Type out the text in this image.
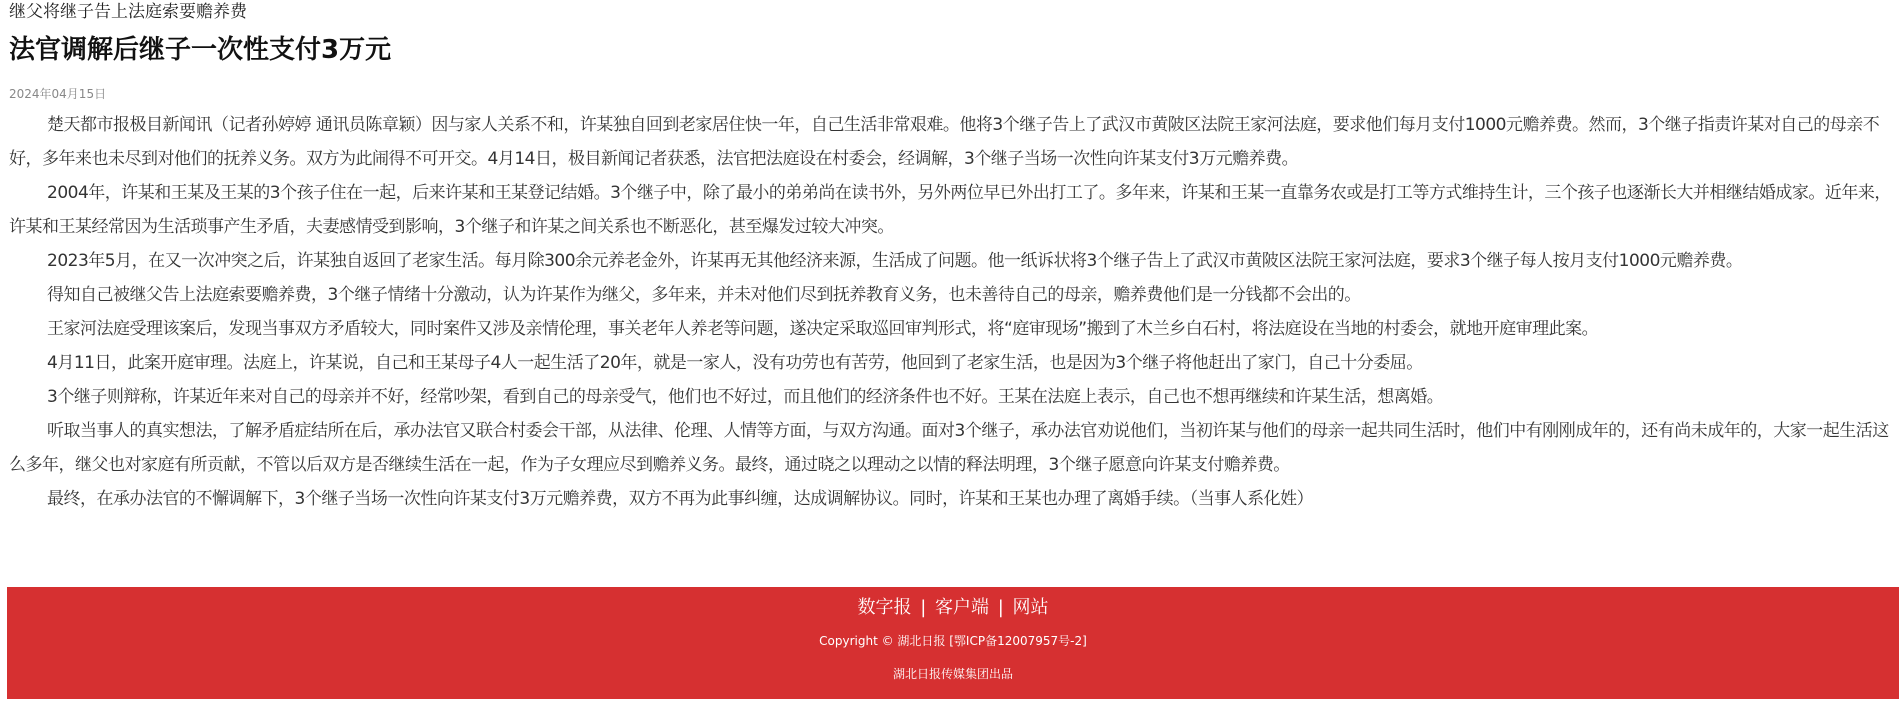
继父将继子告上法庭索要赡养费
法官调解后继子一次性支付3万元
2024年04月15日

楚天都市报极目新闻讯（记者孙婷婷 通讯员陈章颖）因与家人关系不和，许某独自回到老家居住快一年，自己生活非常艰难。他将3个继子告上了武汉市黄陂区法院王家河法庭，要求他们每月支付1000元赡养费。然而，3个继子指责许某对自己的母亲不好，多年来也未尽到对他们的抚养义务。双方为此闹得不可开交。4月14日，极目新闻记者获悉，法官把法庭设在村委会，经调解，3个继子当场一次性向许某支付3万元赡养费。

2004年，许某和王某及王某的3个孩子住在一起，后来许某和王某登记结婚。3个继子中，除了最小的弟弟尚在读书外，另外两位早已外出打工了。多年来，许某和王某一直靠务农或是打工等方式维持生计，三个孩子也逐渐长大并相继结婚成家。近年来，许某和王某经常因为生活琐事产生矛盾，夫妻感情受到影响，3个继子和许某之间关系也不断恶化，甚至爆发过较大冲突。

2023年5月，在又一次冲突之后，许某独自返回了老家生活。每月除300余元养老金外，许某再无其他经济来源，生活成了问题。他一纸诉状将3个继子告上了武汉市黄陂区法院王家河法庭，要求3个继子每人按月支付1000元赡养费。

得知自己被继父告上法庭索要赡养费，3个继子情绪十分激动，认为许某作为继父，多年来，并未对他们尽到抚养教育义务，也未善待自己的母亲，赡养费他们是一分钱都不会出的。

王家河法庭受理该案后，发现当事双方矛盾较大，同时案件又涉及亲情伦理，事关老年人养老等问题，遂决定采取巡回审判形式，将“庭审现场”搬到了木兰乡白石村，将法庭设在当地的村委会，就地开庭审理此案。

4月11日，此案开庭审理。法庭上，许某说，自己和王某母子4人一起生活了20年，就是一家人，没有功劳也有苦劳，他回到了老家生活，也是因为3个继子将他赶出了家门，自己十分委屈。

3个继子则辩称，许某近年来对自己的母亲并不好，经常吵架，看到自己的母亲受气，他们也不好过，而且他们的经济条件也不好。王某在法庭上表示，自己也不想再继续和许某生活，想离婚。

听取当事人的真实想法，了解矛盾症结所在后，承办法官又联合村委会干部，从法律、伦理、人情等方面，与双方沟通。面对3个继子，承办法官劝说他们，当初许某与他们的母亲一起共同生活时，他们中有刚刚成年的，还有尚未成年的，大家一起生活这么多年，继父也对家庭有所贡献，不管以后双方是否继续生活在一起，作为子女理应尽到赡养义务。最终，通过晓之以理动之以情的释法明理，3个继子愿意向许某支付赡养费。

最终，在承办法官的不懈调解下，3个继子当场一次性向许某支付3万元赡养费，双方不再为此事纠缠，达成调解协议。同时，许某和王某也办理了离婚手续。（当事人系化姓）

数字报 | 客户端 | 网站
Copyright © 湖北日报 [鄂ICP备12007957号-2]
湖北日报传媒集团出品
